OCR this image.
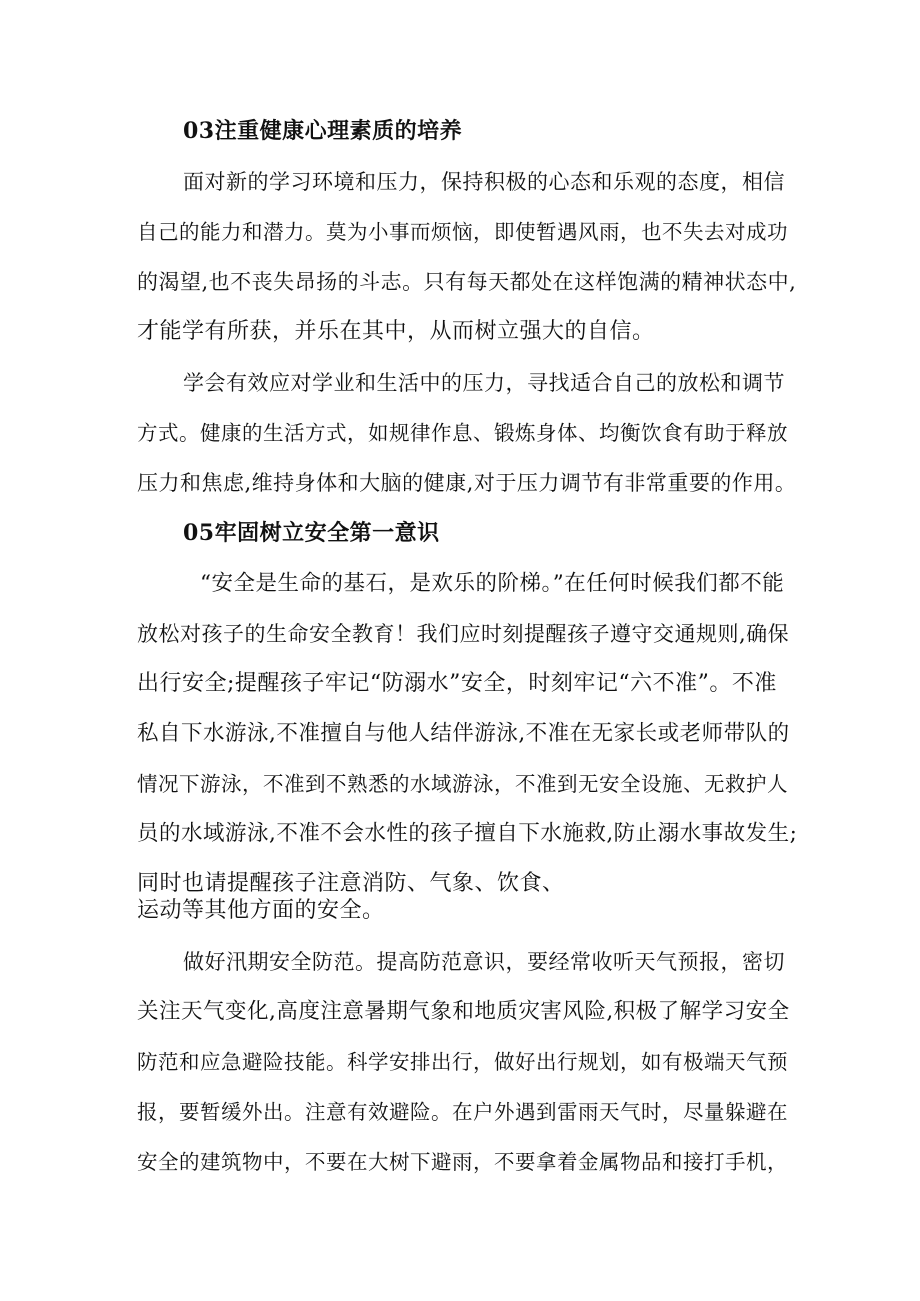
03注重健康心理素质的培养
面对新的学习环境和压力，保持积极的心态和乐观的态度，相信
自己的能力和潜力。莫为小事而烦恼，即使暂遇风雨，也不失去对成功
的渴望,也不丧失昂扬的斗志。只有每天都处在这样饱满的精神状态中,
才能学有所获，并乐在其中，从而树立强大的自信。
学会有效应对学业和生活中的压力，寻找适合自己的放松和调节
方式。健康的生活方式，如规律作息、锻炼身体、均衡饮食有助于释放
压力和焦虑,维持身体和大脑的健康,对于压力调节有非常重要的作用。
05牢固树立安全第一意识
“安全是生命的基石，是欢乐的阶梯。”在任何时候我们都不能
放松对孩子的生命安全教育！我们应时刻提醒孩子遵守交通规则,确保
出行安全;提醒孩子牢记“防溺水”安全，时刻牢记“六不准”。不准
私自下水游泳,不准擅自与他人结伴游泳,不准在无家长或老师带队的
情况下游泳，不准到不熟悉的水域游泳，不准到无安全设施、无救护人
员的水域游泳,不准不会水性的孩子擅自下水施救,防止溺水事故发生;
同时也请提醒孩子注意消防、气象、饮食、
运动等其他方面的安全。
做好汛期安全防范。提高防范意识，要经常收听天气预报，密切
关注天气变化,高度注意暑期气象和地质灾害风险,积极了解学习安全
防范和应急避险技能。科学安排出行，做好出行规划，如有极端天气预
报，要暂缓外出。注意有效避险。在户外遇到雷雨天气时，尽量躲避在
安全的建筑物中，不要在大树下避雨，不要拿着金属物品和接打手机，
